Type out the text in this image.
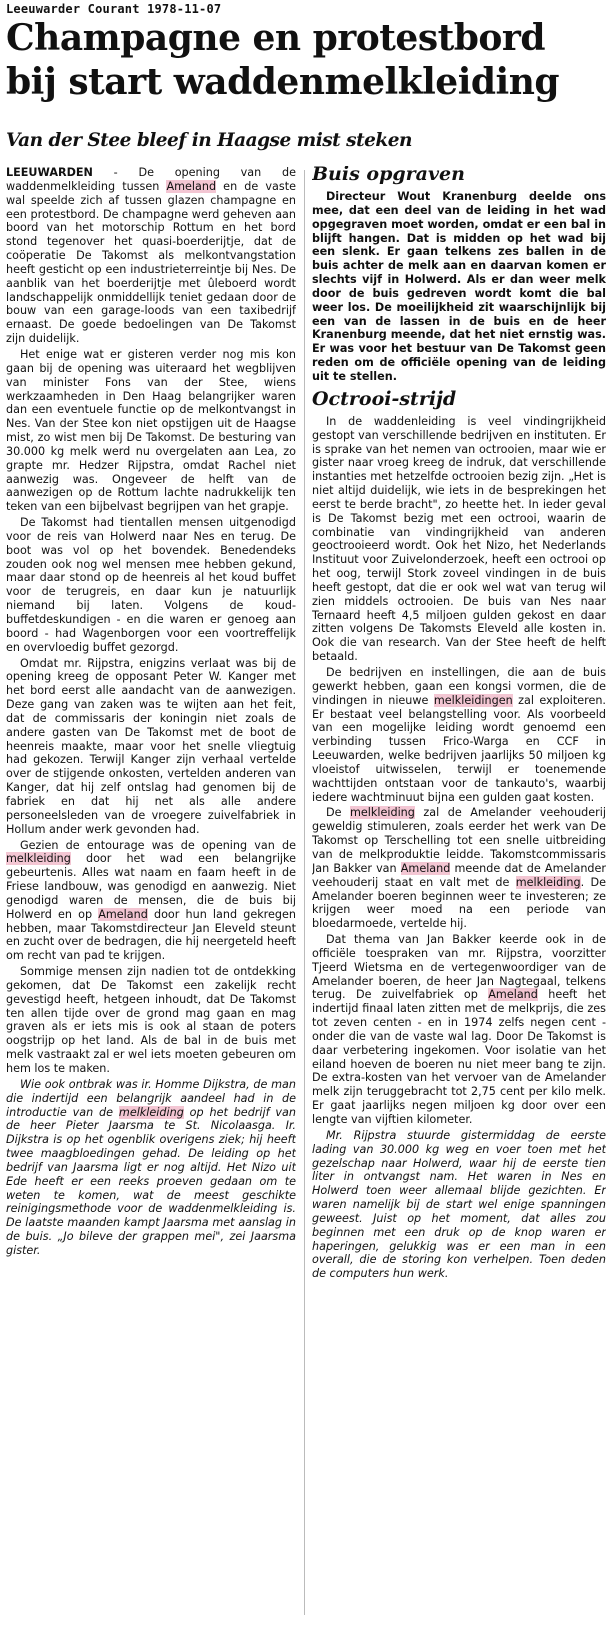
Leeuwarder Courant 1978-11-07
Champagne en protestbord
bij start waddenmelkleiding
Van der Stee bleef in Haagse mist steken

LEEUWARDEN - De opening van de waddenmelkleiding tussen Ameland en de vaste wal speelde zich af tussen glazen champagne en een protestbord. De champagne werd geheven aan boord van het motorschip Rottum en het bord stond tegenover het quasi-boerderijtje, dat de coöperatie De Takomst als melkontvangstation heeft gesticht op een industrieterreintje bij Nes. De aanblik van het boerderijtje met ûleboerd wordt landschappelijk onmiddellijk teniet gedaan door de bouw van een garage-loods van een taxibedrijf ernaast. De goede bedoelingen van De Takomst zijn duidelijk.

Het enige wat er gisteren verder nog mis kon gaan bij de opening was uiteraard het wegblijven van minister Fons van der Stee, wiens werkzaamheden in Den Haag belangrijker waren dan een eventuele functie op de melkontvangst in Nes. Van der Stee kon niet opstijgen uit de Haagse mist, zo wist men bij De Takomst. De besturing van 30.000 kg melk werd nu overgelaten aan Lea, zo grapte mr. Hedzer Rijpstra, omdat Rachel niet aanwezig was. Ongeveer de helft van de aanwezigen op de Rottum lachte nadrukkelijk ten teken van een bijbelvast begrijpen van het grapje.

De Takomst had tientallen mensen uitgenodigd voor de reis van Holwerd naar Nes en terug. De boot was vol op het bovendek. Benedendeks zouden ook nog wel mensen mee hebben gekund, maar daar stond op de heenreis al het koud buffet voor de terugreis, en daar kun je natuurlijk niemand bij laten. Volgens de koud-buffetdeskundigen - en die waren er genoeg aan boord - had Wagenborgen voor een voortreffelijk en overvloedig buffet gezorgd.

Omdat mr. Rijpstra, enigzins verlaat was bij de opening kreeg de opposant Peter W. Kanger met het bord eerst alle aandacht van de aanwezigen. Deze gang van zaken was te wijten aan het feit, dat de commissaris der koningin niet zoals de andere gasten van De Takomst met de boot de heenreis maakte, maar voor het snelle vliegtuig had gekozen. Terwijl Kanger zijn verhaal vertelde over de stijgende onkosten, vertelden anderen van Kanger, dat hij zelf ontslag had genomen bij de fabriek en dat hij net als alle andere personeelsleden van de vroegere zuivelfabriek in Hollum ander werk gevonden had.

Gezien de entourage was de opening van de melkleiding door het wad een belangrijke gebeurtenis. Alles wat naam en faam heeft in de Friese landbouw, was genodigd en aanwezig. Niet genodigd waren de mensen, die de buis bij Holwerd en op Ameland door hun land gekregen hebben, maar Takomstdirecteur Jan Eleveld steunt en zucht over de bedragen, die hij neergeteld heeft om recht van pad te krijgen.

Sommige mensen zijn nadien tot de ontdekking gekomen, dat De Takomst een zakelijk recht gevestigd heeft, hetgeen inhoudt, dat De Takomst ten allen tijde over de grond mag gaan en mag graven als er iets mis is ook al staan de poters oogstrijp op het land. Als de bal in de buis met melk vastraakt zal er wel iets moeten gebeuren om hem los te maken.

Wie ook ontbrak was ir. Homme Dijkstra, de man die indertijd een belangrijk aandeel had in de introductie van de melkleiding op het bedrijf van de heer Pieter Jaarsma te St. Nicolaasga. Ir. Dijkstra is op het ogenblik overigens ziek; hij heeft twee maagbloedingen gehad. De leiding op het bedrijf van Jaarsma ligt er nog altijd. Het Nizo uit Ede heeft er een reeks proeven gedaan om te weten te komen, wat de meest geschikte reinigingsmethode voor de waddenmelkleiding is. De laatste maanden kampt Jaarsma met aanslag in de buis. „Jo bileve der grappen mei", zei Jaarsma gister.

Buis opgraven

Directeur Wout Kranenburg deelde ons mee, dat een deel van de leiding in het wad opgegraven moet worden, omdat er een bal in blijft hangen. Dat is midden op het wad bij een slenk. Er gaan telkens zes ballen in de buis achter de melk aan en daarvan komen er slechts vijf in Holwerd. Als er dan weer melk door de buis gedreven wordt komt die bal weer los. De moeilijkheid zit waarschijnlijk bij een van de lassen in de buis en de heer Kranenburg meende, dat het niet ernstig was. Er was voor het bestuur van De Takomst geen reden om de officiële opening van de leiding uit te stellen.

Octrooi-strijd

In de waddenleiding is veel vindingrijkheid gestopt van verschillende bedrijven en instituten. Er is sprake van het nemen van octrooien, maar wie er gister naar vroeg kreeg de indruk, dat verschillende instanties met hetzelfde octrooien bezig zijn. „Het is niet altijd duidelijk, wie iets in de besprekingen het eerst te berde bracht", zo heette het. In ieder geval is De Takomst bezig met een octrooi, waarin de combinatie van vindingrijkheid van anderen geoctrooieerd wordt. Ook het Nizo, het Nederlands Instituut voor Zuivelonderzoek, heeft een octrooi op het oog, terwijl Stork zoveel vindingen in de buis heeft gestopt, dat die er ook wel wat van terug wil zien middels octrooien. De buis van Nes naar Ternaard heeft 4,5 miljoen gulden gekost en daar zitten volgens De Takomsts Eleveld alle kosten in. Ook die van research. Van der Stee heeft de helft betaald.

De bedrijven en instellingen, die aan de buis gewerkt hebben, gaan een kongsi vormen, die de vindingen in nieuwe melkleidingen zal exploiteren. Er bestaat veel belangstelling voor. Als voorbeeld van een mogelijke leiding wordt genoemd een verbinding tussen Frico-Warga en CCF in Leeuwarden, welke bedrijven jaarlijks 50 miljoen kg vloeistof uitwisselen, terwijl er toenemende wachttijden ontstaan voor de tankauto's, waarbij iedere wachtminuut bijna een gulden gaat kosten.

De melkleiding zal de Amelander veehouderij geweldig stimuleren, zoals eerder het werk van De Takomst op Terschelling tot een snelle uitbreiding van de melkproduktie leidde. Takomstcommissaris Jan Bakker van Ameland meende dat de Amelander veehouderij staat en valt met de melkleiding. De Amelander boeren beginnen weer te investeren; ze krijgen weer moed na een periode van bloedarmoede, vertelde hij.

Dat thema van Jan Bakker keerde ook in de officiële toespraken van mr. Rijpstra, voorzitter Tjeerd Wietsma en de vertegenwoordiger van de Amelander boeren, de heer Jan Nagtegaal, telkens terug. De zuivelfabriek op Ameland heeft het indertijd finaal laten zitten met de melkprijs, die zes tot zeven centen - en in 1974 zelfs negen cent - onder die van de vaste wal lag. Door De Takomst is daar verbetering ingekomen. Voor isolatie van het eiland hoeven de boeren nu niet meer bang te zijn. De extra-kosten van het vervoer van de Amelander melk zijn teruggebracht tot 2,75 cent per kilo melk. Er gaat jaarlijks negen miljoen kg door over een lengte van vijftien kilometer.

Mr. Rijpstra stuurde gistermiddag de eerste lading van 30.000 kg weg en voer toen met het gezelschap naar Holwerd, waar hij de eerste tien liter in ontvangst nam. Het waren in Nes en Holwerd toen weer allemaal blijde gezichten. Er waren namelijk bij de start wel enige spanningen geweest. Juist op het moment, dat alles zou beginnen met een druk op de knop waren er haperingen, gelukkig was er een man in een overall, die de storing kon verhelpen. Toen deden de computers hun werk.
